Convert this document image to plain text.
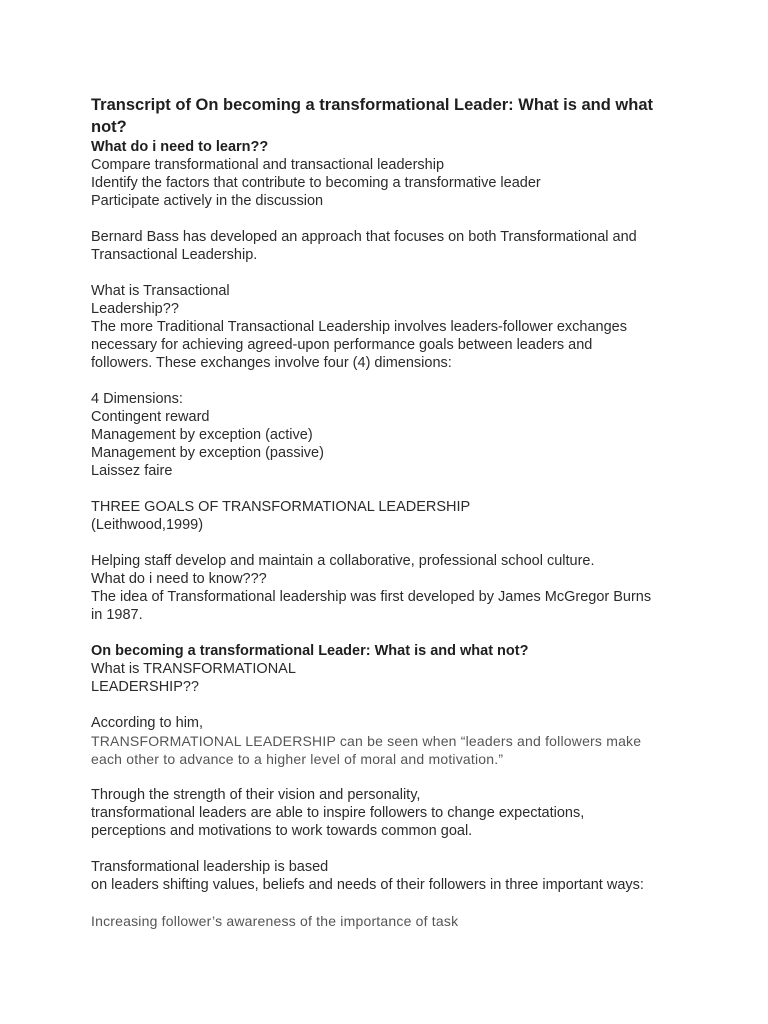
Transcript of On becoming a transformational Leader: What is and what
not?
What do i need to learn??
Compare transformational and transactional leadership
Identify the factors that contribute to becoming a transformative leader
Participate actively in the discussion
Bernard Bass has developed an approach that focuses on both Transformational and
Transactional Leadership.
What is Transactional
Leadership??
The more Traditional Transactional Leadership involves leaders-follower exchanges
necessary for achieving agreed-upon performance goals between leaders and
followers. These exchanges involve four (4) dimensions:
4 Dimensions:
Contingent reward
Management by exception (active)
Management by exception (passive)
Laissez faire
THREE GOALS OF TRANSFORMATIONAL LEADERSHIP
(Leithwood,1999)
Helping staff develop and maintain a collaborative, professional school culture.
What do i need to know???
The idea of Transformational leadership was first developed by James McGregor Burns
in 1987.
On becoming a transformational Leader: What is and what not?
What is TRANSFORMATIONAL
LEADERSHIP??
According to him,
TRANSFORMATIONAL LEADERSHIP can be seen when “leaders and followers make
each other to advance to a higher level of moral and motivation.”
Through the strength of their vision and personality,
transformational leaders are able to inspire followers to change expectations,
perceptions and motivations to work towards common goal.
Transformational leadership is based
on leaders shifting values, beliefs and needs of their followers in three important ways:
Increasing follower’s awareness of the importance of task
